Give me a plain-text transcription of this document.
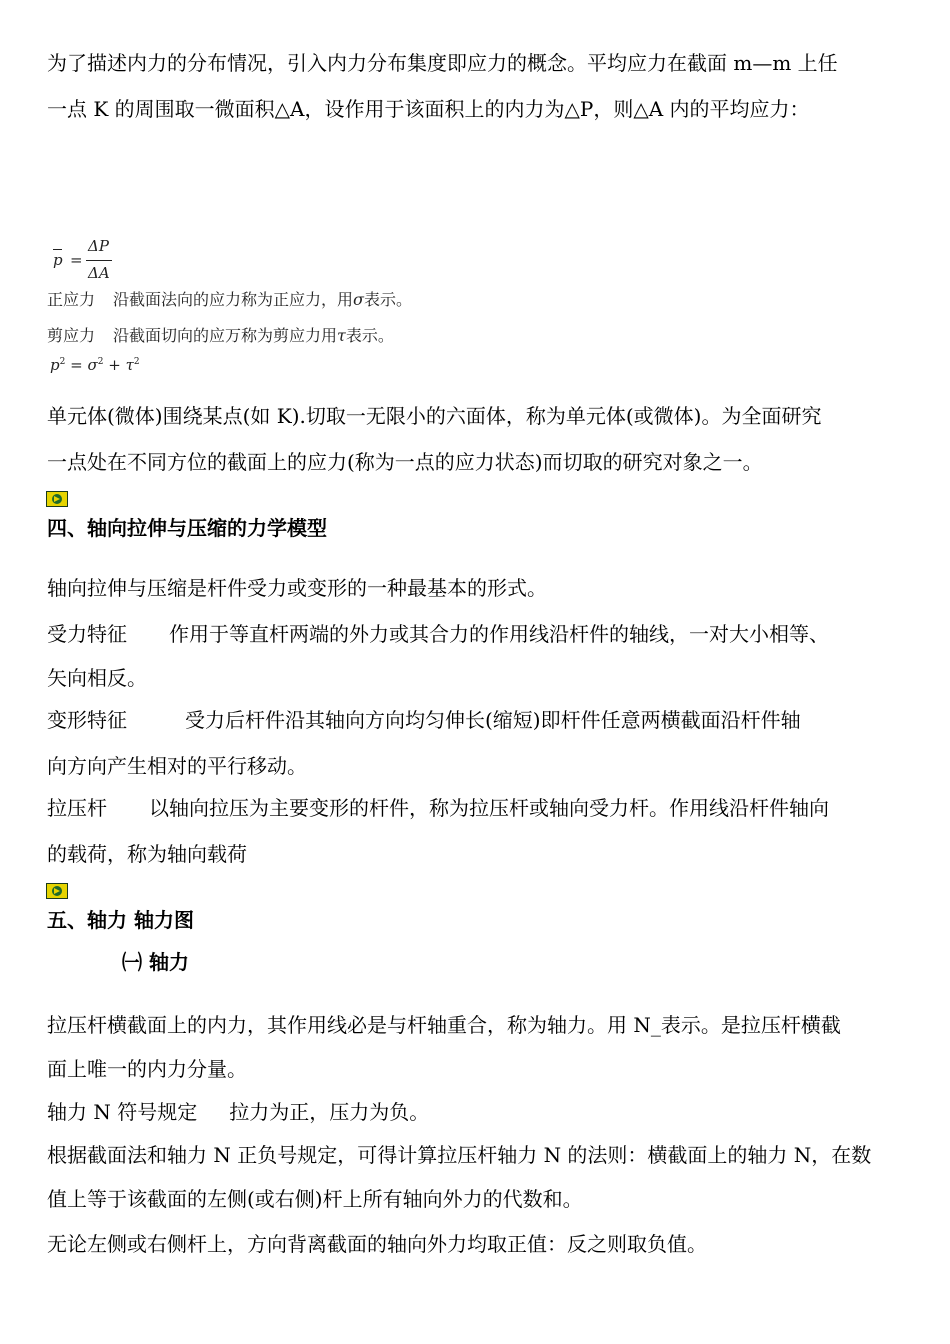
为了描述内力的分布情况，引入内力分布集度即应力的概念。平均应力在截面 m—m 上任
一点 K 的周围取一微面积△A，设作用于该面积上的内力为△P，则△A 内的平均应力：
p =
ΔP
ΔA
正应力 沿截面法向的应力称为正应力，用σ表示。
剪应力 沿截面切向的应万称为剪应力用τ表示。
$p^2 = \sigma^2 + \tau^2$
单元体(微体)围绕某点(如 K).切取一无限小的六面体，称为单元体(或微体)。为全面研究
一点处在不同方位的截面上的应力(称为一点的应力状态)而切取的研究对象之一。
四、轴向拉伸与压缩的力学模型
轴向拉伸与压缩是杆件受力或变形的一种最基本的形式。
受力特征 作用于等直杆两端的外力或其合力的作用线沿杆件的轴线，一对大小相等、
矢向相反。
变形特征	受力后杆件沿其轴向方向均匀伸长(缩短)即杆件任意两横截面沿杆件轴
向方向产生相对的平行移动。
拉压杆 以轴向拉压为主要变形的杆件，称为拉压杆或轴向受力杆。作用线沿杆件轴向
的载荷，称为轴向载荷
五、轴力 轴力图
㈠ 轴力
拉压杆横截面上的内力，其作用线必是与杆轴重合，称为轴力。用 N_表示。是拉压杆横截
面上唯一的内力分量。
轴力 N 符号规定 拉力为正，压力为负。
根据截面法和轴力 N 正负号规定，可得计算拉压杆轴力 N 的法则：横截面上的轴力 N，在数
值上等于该截面的左侧(或右侧)杆上所有轴向外力的代数和。
无论左侧或右侧杆上，方向背离截面的轴向外力均取正值：反之则取负值。
